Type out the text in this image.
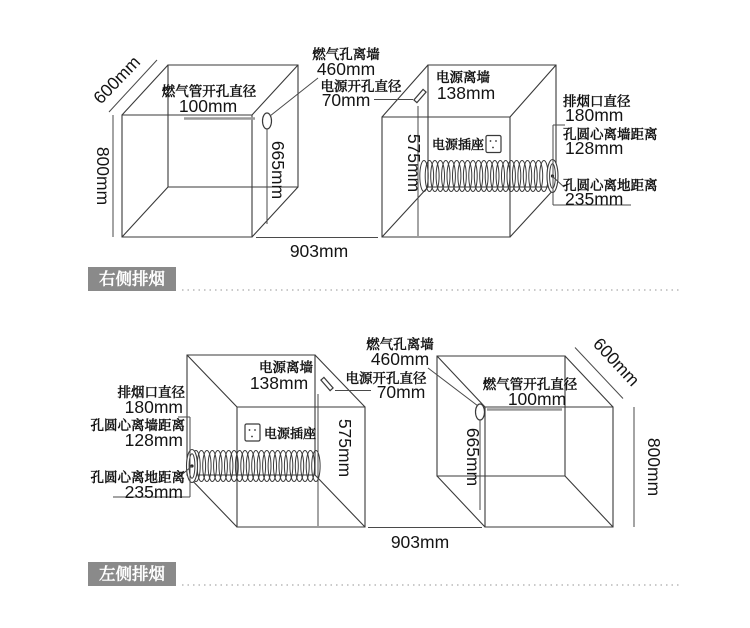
燃气管开孔直径
100mm
600mm
800mm	665mm
燃气孔离墙
460mm
电源开孔直径
70mm
电源离墙
138mm
电源插座
575mm
排烟口直径
180mm
孔圆心离墙距离
128mm
孔圆心离地距离
235mm
903mm
右侧排烟
电源离墙
138mm
电源插座 575mm
排烟口直径
180mm
孔圆心离墙距离
128mm
孔圆心离地距离
235mm
燃气孔离墙
460mm
电源开孔直径
70mm	燃气管开孔直径
100mm
665mm
600mm
800mm
903mm
左侧排烟
